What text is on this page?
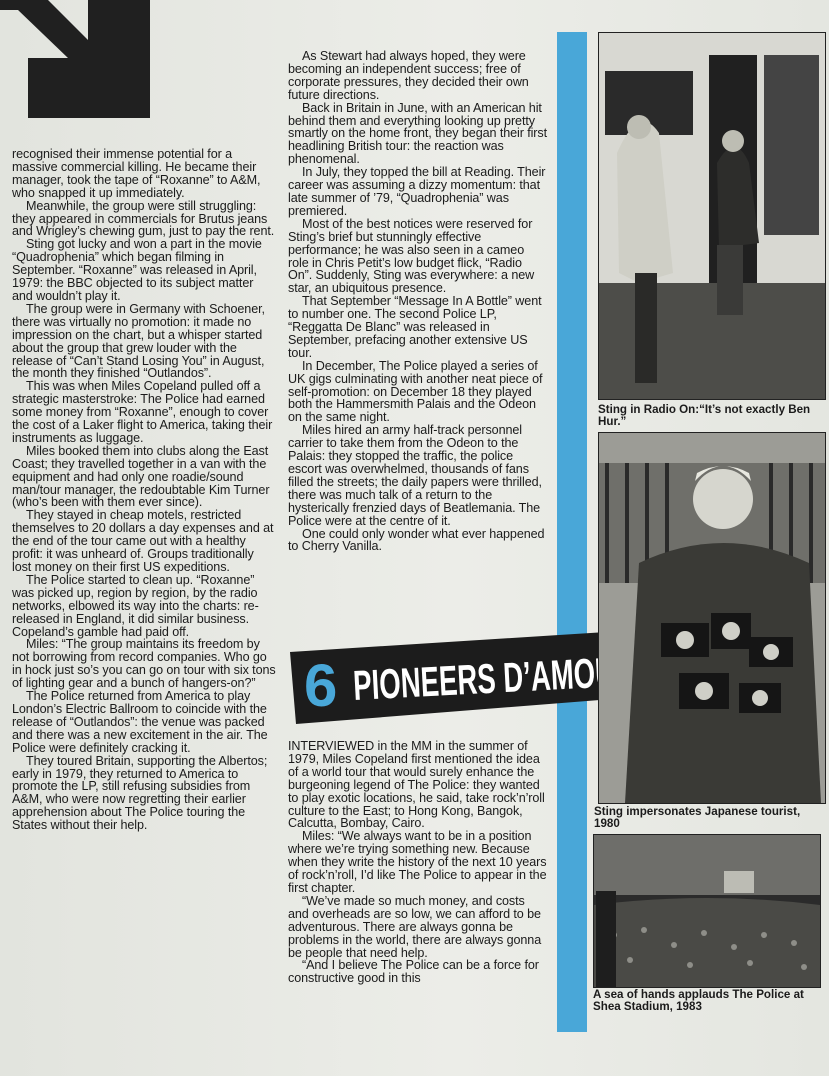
recognised their immense potential for a massive commercial killing. He became their manager, took the tape of “Roxanne” to A&M, who snapped it up immediately.

Meanwhile, the group were still struggling: they appeared in commercials for Brutus jeans and Wrigley’s chewing gum, just to pay the rent.

Sting got lucky and won a part in the movie “Quadrophenia” which began filming in September. “Roxanne” was released in April, 1979: the BBC objected to its subject matter and wouldn’t play it.

The group were in Germany with Schoener, there was virtually no promotion: it made no impression on the chart, but a whisper started about the group that grew louder with the release of “Can’t Stand Losing You” in August, the month they finished “Outlandos”.

This was when Miles Copeland pulled off a strategic masterstroke: The Police had earned some money from “Roxanne”, enough to cover the cost of a Laker flight to America, taking their instruments as luggage.

Miles booked them into clubs along the East Coast; they travelled together in a van with the equipment and had only one roadie/sound man/tour manager, the redoubtable Kim Turner (who’s been with them ever since).

They stayed in cheap motels, restricted themselves to 20 dollars a day expenses and at the end of the tour came out with a healthy profit: it was unheard of. Groups traditionally lost money on their first US expeditions.

The Police started to clean up. “Roxanne” was picked up, region by region, by the radio networks, elbowed its way into the charts: re-released in England, it did similar business. Copeland’s gamble had paid off.

Miles: “The group maintains its freedom by not borrowing from record companies. Who go in hock just so’s you can go on tour with six tons of lighting gear and a bunch of hangers-on?”

The Police returned from America to play London’s Electric Ballroom to coincide with the release of “Outlandos”: the venue was packed and there was a new excitement in the air. The Police were definitely cracking it.

They toured Britain, supporting the Albertos; early in 1979, they returned to America to promote the LP, still refusing subsidies from A&M, who were now regretting their earlier apprehension about The Police touring the States without their help.

As Stewart had always hoped, they were becoming an independent success; free of corporate pressures, they decided their own future directions.

Back in Britain in June, with an American hit behind them and everything looking up pretty smartly on the home front, they began their first headlining British tour: the reaction was phenomenal.

In July, they topped the bill at Reading. Their career was assuming a dizzy momentum: that late summer of ’79, “Quadrophenia” was premiered.

Most of the best notices were reserved for Sting’s brief but stunningly effective performance; he was also seen in a cameo role in Chris Petit’s low budget flick, “Radio On”. Suddenly, Sting was everywhere: a new star, an ubiquitous presence.

That September “Message In A Bottle” went to number one. The second Police LP, “Reggatta De Blanc” was released in September, prefacing another extensive US tour.

In December, The Police played a series of UK gigs culminating with another neat piece of self-promotion: on December 18 they played both the Hammersmith Palais and the Odeon on the same night.

Miles hired an army half-track personnel carrier to take them from the Odeon to the Palais: they stopped the traffic, the police escort was overwhelmed, thousands of fans filled the streets; the daily papers were thrilled, there was much talk of a return to the hysterically frenzied days of Beatlemania. The Police were at the centre of it.

One could only wonder what ever happened to Cherry Vanilla.

6 PIONEERS D’AMOUR

INTERVIEWED in the MM in the summer of 1979, Miles Copeland first mentioned the idea of a world tour that would surely enhance the burgeoning legend of The Police: they wanted to play exotic locations, he said, take rock’n’roll culture to the East; to Hong Kong, Bangok, Calcutta, Bombay, Cairo.

Miles: “We always want to be in a position where we’re trying something new. Because when they write the history of the next 10 years of rock’n’roll, I’d like The Police to appear in the first chapter.

“We’ve made so much money, and costs and overheads are so low, we can afford to be adventurous. There are always gonna be problems in the world, there are always gonna be people that need help.

“And I believe The Police can be a force for constructive good in this

Sting in Radio On:“It’s not exactly Ben Hur.”
Sting impersonates Japanese tourist, 1980
A sea of hands applauds The Police at Shea Stadium, 1983
